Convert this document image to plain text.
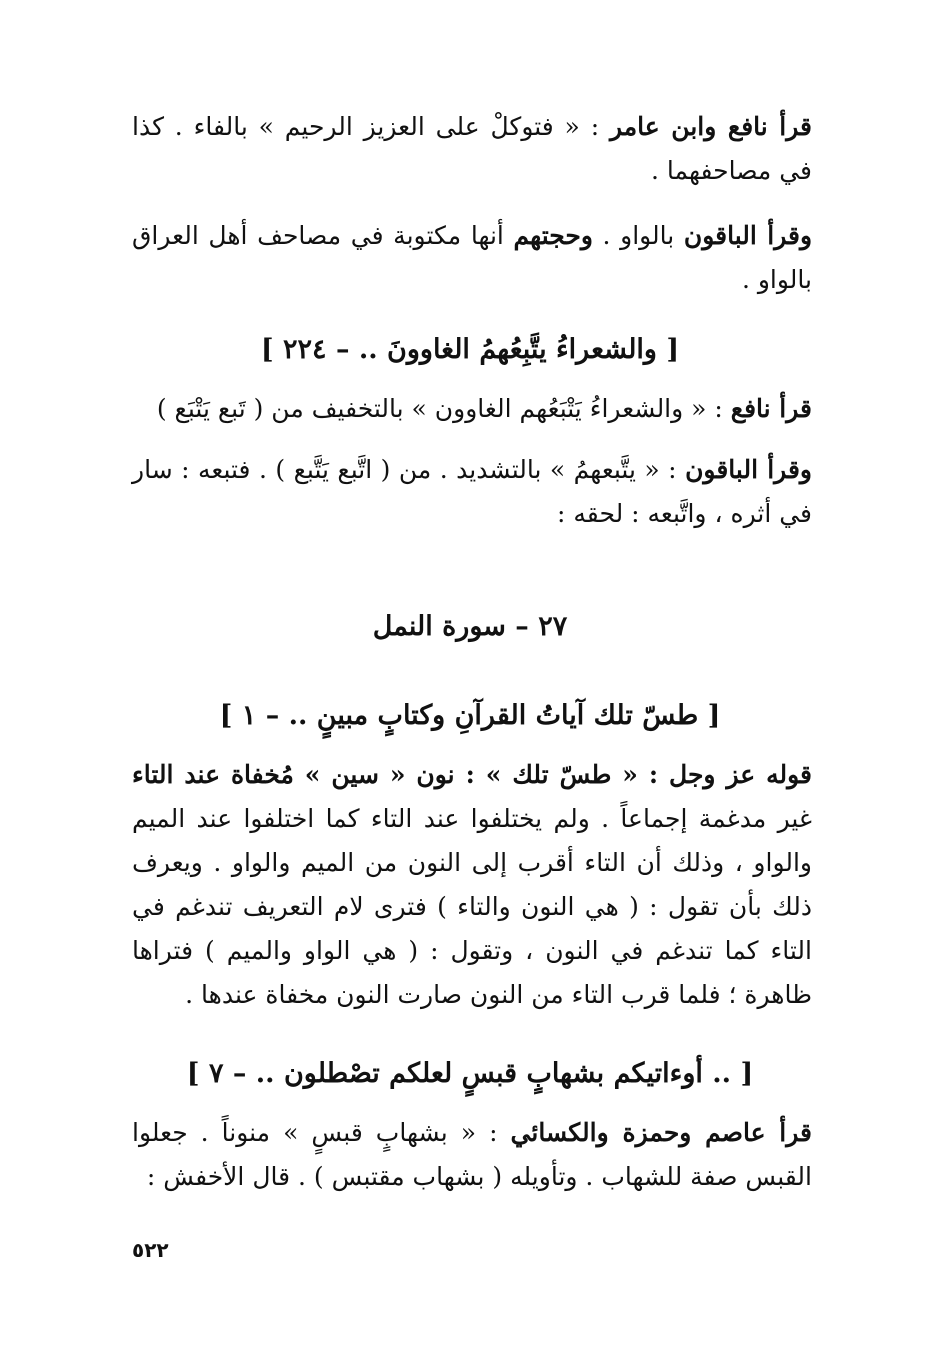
قرأ نافع وابن عامر : « فتوكلْ على العزيز الرحيم » بالفاء . كذا في مصاحفهما .

وقرأ الباقون بالواو . وحجتهم أنها مكتوبة في مصاحف أهل العراق بالواو .

[ والشعراءُ يتَّبِعُهمُ الغاوونَ .. – ٢٢٤ ]

قرأ نافع : « والشعراءُ يَتْبَعُهم الغاوون » بالتخفيف من ( تَبع يَتْبَع )

وقرأ الباقون : « يتَّبعهمُ » بالتشديد . من ( اتَّبع يَتَّبع ) . فتبعه : سار في أثره ، واتَّبعه : لحقه :

٢٧ – سورة النمل
[ طسّ تلك آياتُ القرآنِ وكتابٍ مبينٍ .. – ١ ]

قوله عز وجل : « طسّ تلك » : نون « سين » مُخفاة عند التاء غير مدغمة إجماعاً . ولم يختلفوا عند التاء كما اختلفوا عند الميم والواو ، وذلك أن التاء أقرب إلى النون من الميم والواو . ويعرف ذلك بأن تقول : ( هي النون والتاء ) فترى لام التعريف تندغم في التاء كما تندغم في النون ، وتقول : ( هي الواو والميم ) فتراها ظاهرة ؛ فلما قرب التاء من النون صارت النون مخفاة عندها .

[ .. أوءاتيكم بشهابٍ قبسٍ لعلكم تصْطلون .. – ٧ ]

قرأ عاصم وحمزة والكسائي : « بشهابٍ قبسٍ » منوناً . جعلوا القبس صفة للشهاب . وتأويله ( بشهاب مقتبس ) . قال الأخفش :

٥٢٢
